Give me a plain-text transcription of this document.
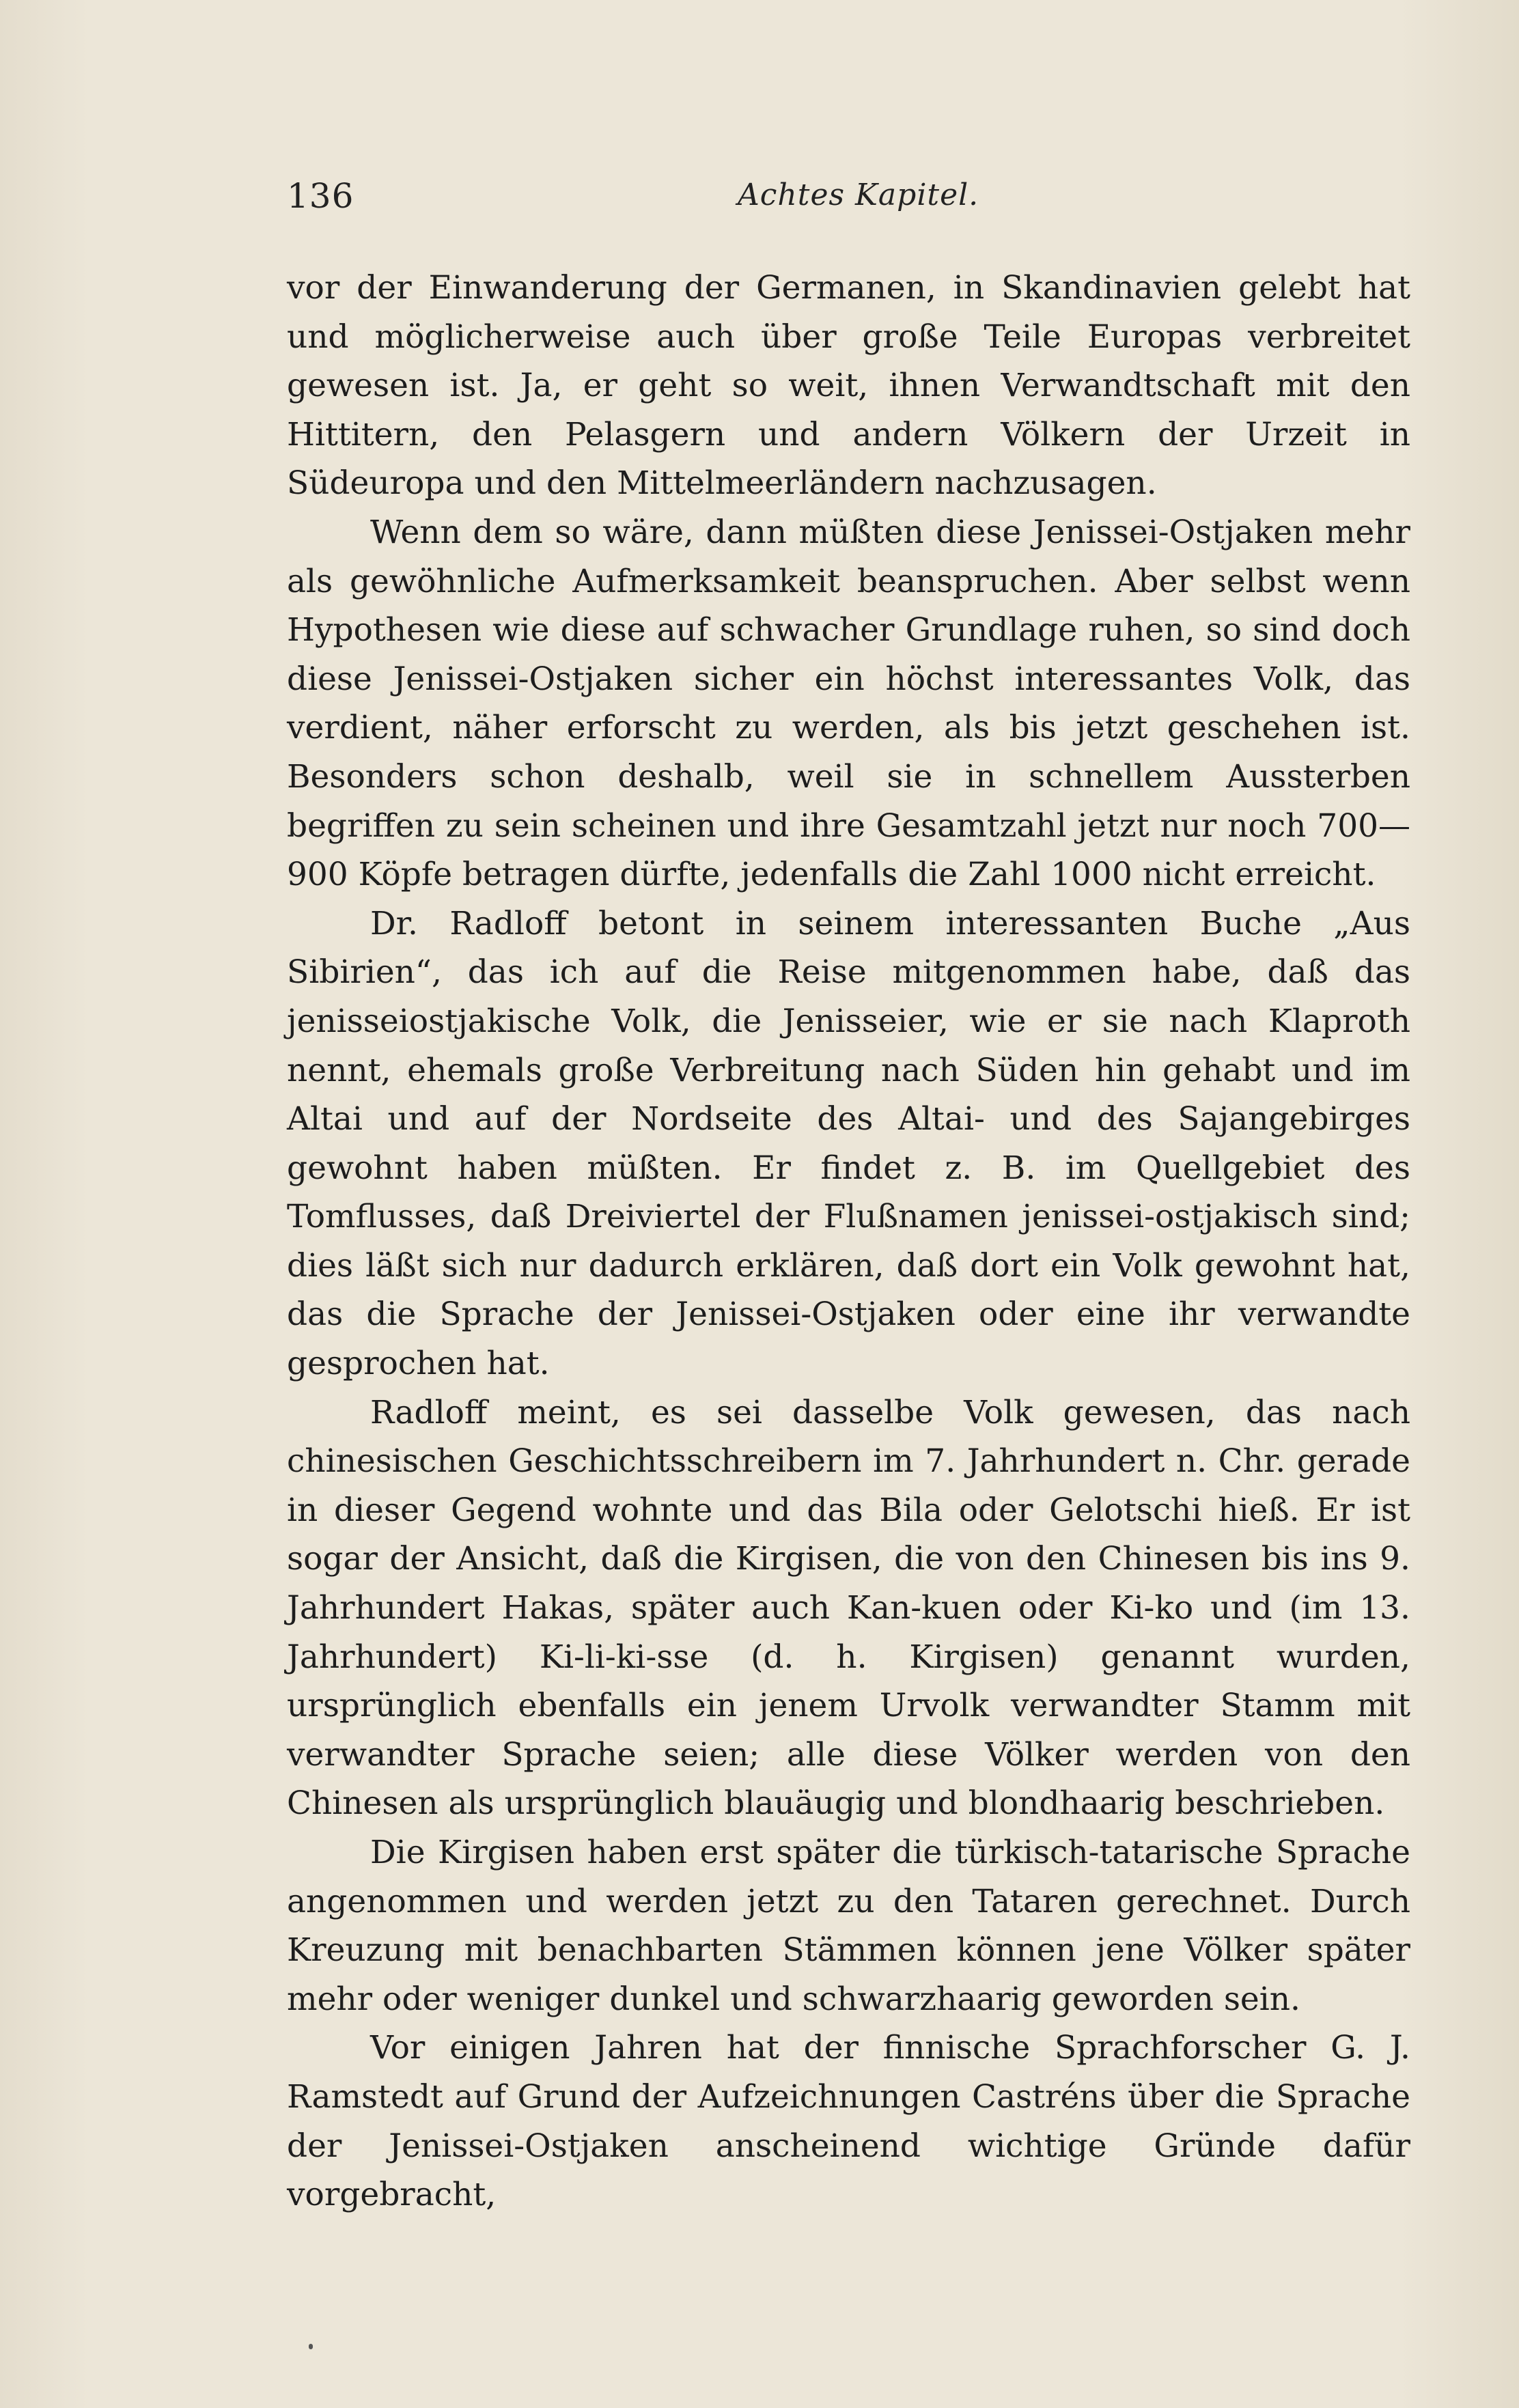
136	Achtes Kapitel.

vor der Einwanderung der Germanen, in Skandinavien gelebt hat und möglicherweise auch über große Teile Europas verbreitet gewesen ist. Ja, er geht so weit, ihnen Verwandtschaft mit den Hittitern, den Pelasgern und andern Völkern der Urzeit in Südeuropa und den Mittelmeerländern nachzusagen.

Wenn dem so wäre, dann müßten diese Jenissei-Ostjaken mehr als gewöhnliche Aufmerksamkeit beanspruchen. Aber selbst wenn Hypothesen wie diese auf schwacher Grundlage ruhen, so sind doch diese Jenissei-Ostjaken sicher ein höchst interessantes Volk, das verdient, näher erforscht zu werden, als bis jetzt geschehen ist. Besonders schon deshalb, weil sie in schnellem Aussterben begriffen zu sein scheinen und ihre Gesamtzahl jetzt nur noch 700—900 Köpfe betragen dürfte, jedenfalls die Zahl 1000 nicht erreicht.

Dr. Radloff betont in seinem interessanten Buche „Aus Sibirien“, das ich auf die Reise mitgenommen habe, daß das jenisseiostjakische Volk, die Jenisseier, wie er sie nach Klaproth nennt, ehemals große Verbreitung nach Süden hin gehabt und im Altai und auf der Nordseite des Altai- und des Sajangebirges gewohnt haben müßten. Er findet z. B. im Quellgebiet des Tomflusses, daß Dreiviertel der Flußnamen jenissei-ostjakisch sind; dies läßt sich nur dadurch erklären, daß dort ein Volk gewohnt hat, das die Sprache der Jenissei-Ostjaken oder eine ihr verwandte gesprochen hat.

Radloff meint, es sei dasselbe Volk gewesen, das nach chinesischen Geschichtsschreibern im 7. Jahrhundert n. Chr. gerade in dieser Gegend wohnte und das Bila oder Gelotschi hieß. Er ist sogar der Ansicht, daß die Kirgisen, die von den Chinesen bis ins 9. Jahrhundert Hakas, später auch Kan-kuen oder Ki-ko und (im 13. Jahrhundert) Ki-li-ki-sse (d. h. Kirgisen) genannt wurden, ursprünglich ebenfalls ein jenem Urvolk verwandter Stamm mit verwandter Sprache seien; alle diese Völker werden von den Chinesen als ursprünglich blauäugig und blondhaarig beschrieben.

Die Kirgisen haben erst später die türkisch-tatarische Sprache angenommen und werden jetzt zu den Tataren gerechnet. Durch Kreuzung mit benachbarten Stämmen können jene Völker später mehr oder weniger dunkel und schwarzhaarig geworden sein.

Vor einigen Jahren hat der finnische Sprachforscher G. J. Ramstedt auf Grund der Aufzeichnungen Castréns über die Sprache der Jenissei-Ostjaken anscheinend wichtige Gründe dafür vorgebracht,
